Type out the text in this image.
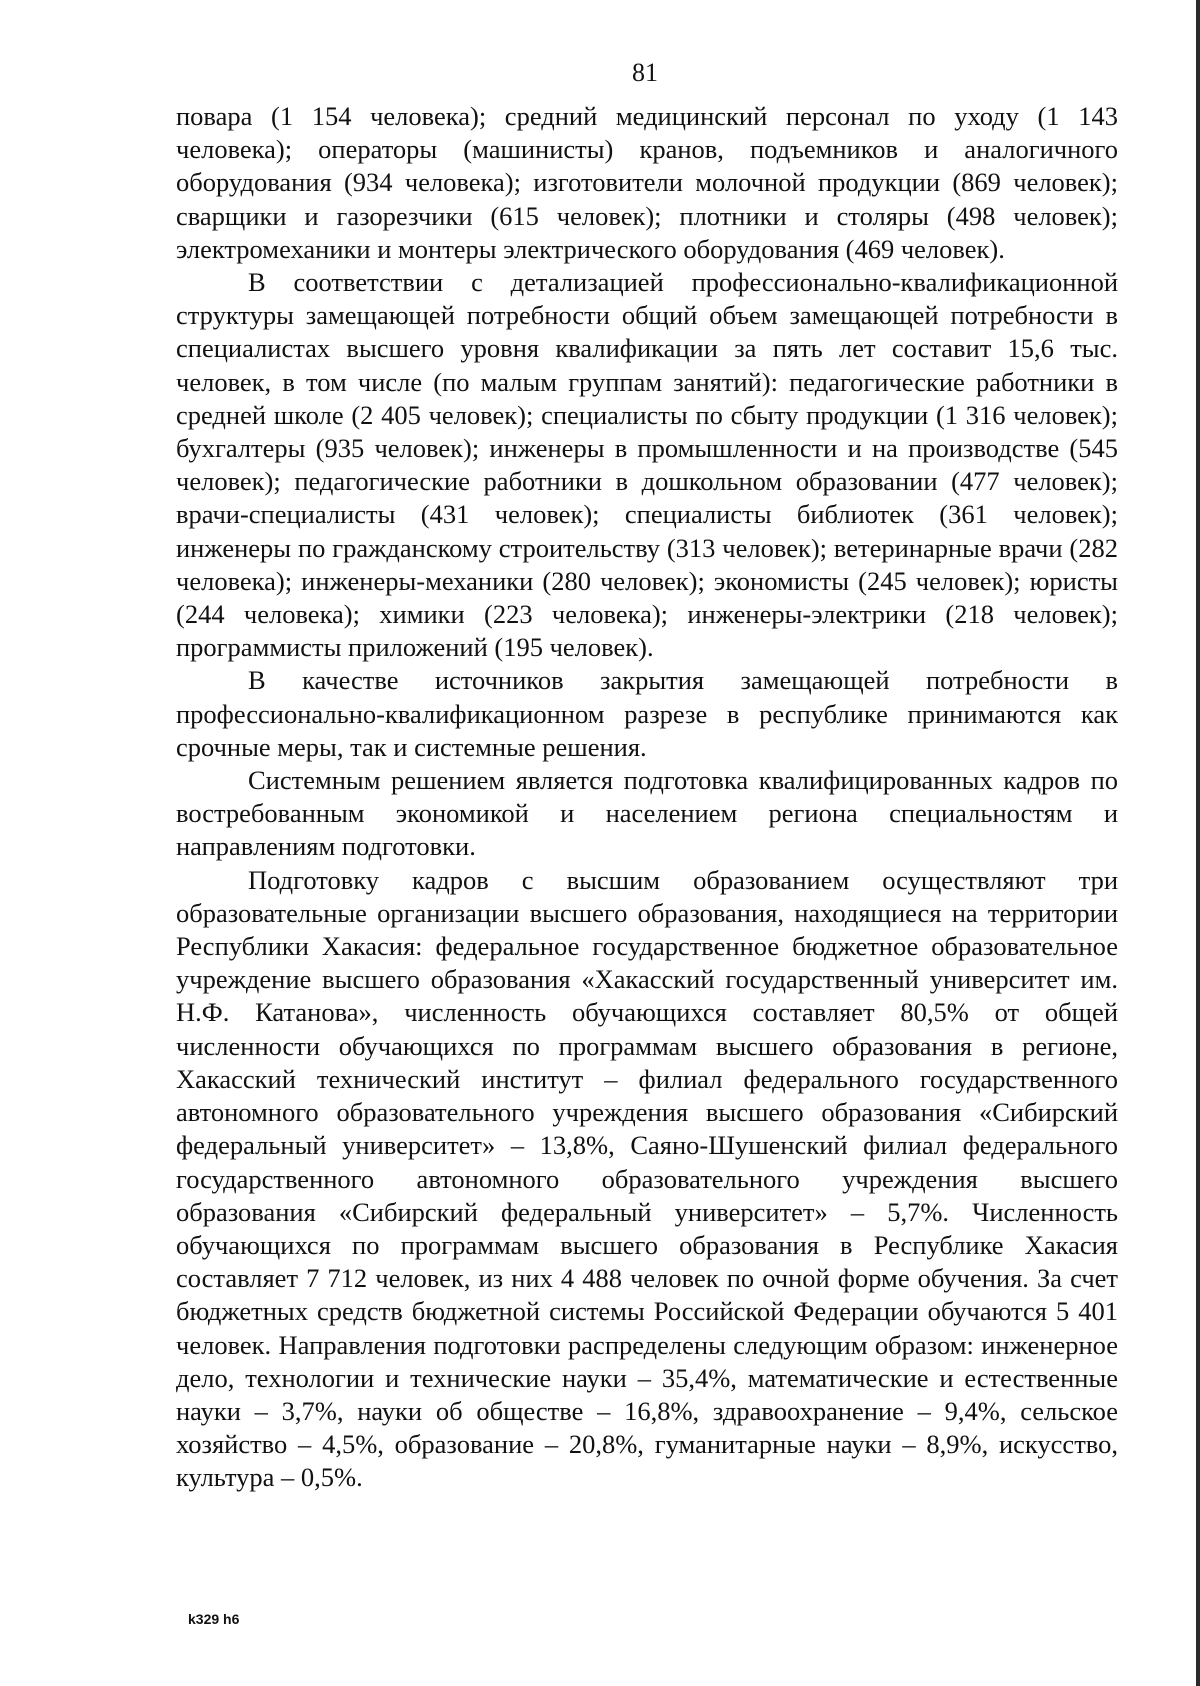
81

повара (1 154 человека); средний медицинский персонал по уходу (1 143 человека); операторы (машинисты) кранов, подъемников и аналогичного оборудования (934 человека); изготовители молочной продукции (869 человек); сварщики и газорезчики (615 человек); плотники и столяры (498 человек); электромеханики и монтеры электрического оборудования (469 человек).

В соответствии с детализацией профессионально-квалификационной структуры замещающей потребности общий объем замещающей потребности в специалистах высшего уровня квалификации за пять лет составит 15,6 тыс. человек, в том числе (по малым группам занятий): педагогические работники в средней школе (2 405 человек); специалисты по сбыту продукции (1 316 человек); бухгалтеры (935 человек); инженеры в промышленности и на производстве (545 человек); педагогические работники в дошкольном образовании (477 человек); врачи-специалисты (431 человек); специалисты библиотек (361 человек); инженеры по гражданскому строительству (313 человек); ветеринарные врачи (282 человека); инженеры-механики (280 человек); экономисты (245 человек); юристы (244 человека); химики (223 человека); инженеры-электрики (218 человек); программисты приложений (195 человек).

В качестве источников закрытия замещающей потребности в профессионально-квалификационном разрезе в республике принимаются как срочные меры, так и системные решения.

Системным решением является подготовка квалифицированных кадров по востребованным экономикой и населением региона специальностям и направлениям подготовки.

Подготовку кадров с высшим образованием осуществляют три образовательные организации высшего образования, находящиеся на территории Республики Хакасия: федеральное государственное бюджетное образовательное учреждение высшего образования «Хакасский государственный университет им. Н.Ф. Катанова», численность обучающихся составляет 80,5% от общей численности обучающихся по программам высшего образования в регионе, Хакасский технический институт – филиал федерального государственного автономного образовательного учреждения высшего образования «Сибирский федеральный университет» – 13,8%, Саяно-Шушенский филиал федерального государственного автономного образовательного учреждения высшего образования «Сибирский федеральный университет» – 5,7%. Численность обучающихся по программам высшего образования в Республике Хакасия составляет 7 712 человек, из них 4 488 человек по очной форме обучения. За счет бюджетных средств бюджетной системы Российской Федерации обучаются 5 401 человек. Направления подготовки распределены следующим образом: инженерное дело, технологии и технические науки – 35,4%, математические и естественные науки – 3,7%, науки об обществе – 16,8%, здравоохранение – 9,4%, сельское хозяйство – 4,5%, образование – 20,8%, гуманитарные науки – 8,9%, искусство, культура – 0,5%.

k329 h6
